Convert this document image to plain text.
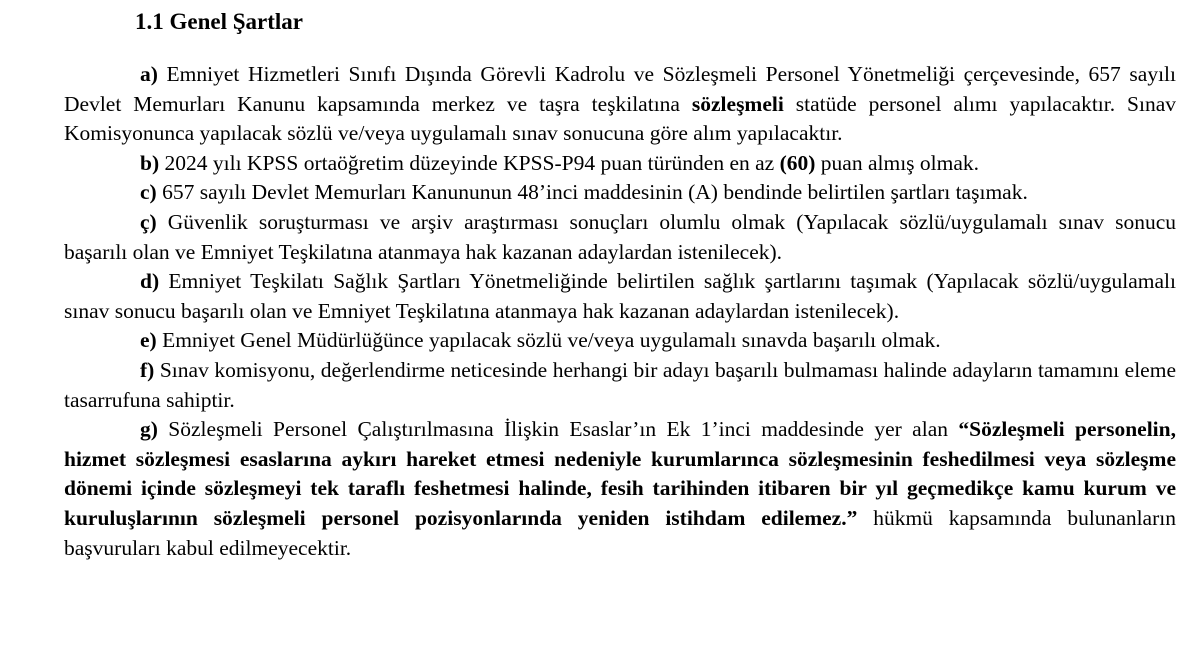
1.1 Genel Şartlar

a) Emniyet Hizmetleri Sınıfı Dışında Görevli Kadrolu ve Sözleşmeli Personel Yönetmeliği çerçevesinde, 657 sayılı Devlet Memurları Kanunu kapsamında merkez ve taşra teşkilatına sözleşmeli statüde personel alımı yapılacaktır. Sınav Komisyonunca yapılacak sözlü ve/veya uygulamalı sınav sonucuna göre alım yapılacaktır.

b) 2024 yılı KPSS ortaöğretim düzeyinde KPSS-P94 puan türünden en az (60) puan almış olmak.

c) 657 sayılı Devlet Memurları Kanununun 48’inci maddesinin (A) bendinde belirtilen şartları taşımak.

ç) Güvenlik soruşturması ve arşiv araştırması sonuçları olumlu olmak (Yapılacak sözlü/uygulamalı sınav sonucu başarılı olan ve Emniyet Teşkilatına atanmaya hak kazanan adaylardan istenilecek).

d) Emniyet Teşkilatı Sağlık Şartları Yönetmeliğinde belirtilen sağlık şartlarını taşımak (Yapılacak sözlü/uygulamalı sınav sonucu başarılı olan ve Emniyet Teşkilatına atanmaya hak kazanan adaylardan istenilecek).

e) Emniyet Genel Müdürlüğünce yapılacak sözlü ve/veya uygulamalı sınavda başarılı olmak.

f) Sınav komisyonu, değerlendirme neticesinde herhangi bir adayı başarılı bulmaması halinde adayların tamamını eleme tasarrufuna sahiptir.

g) Sözleşmeli Personel Çalıştırılmasına İlişkin Esaslar’ın Ek 1’inci maddesinde yer alan “Sözleşmeli personelin, hizmet sözleşmesi esaslarına aykırı hareket etmesi nedeniyle kurumlarınca sözleşmesinin feshedilmesi veya sözleşme dönemi içinde sözleşmeyi tek taraflı feshetmesi halinde, fesih tarihinden itibaren bir yıl geçmedikçe kamu kurum ve kuruluşlarının sözleşmeli personel pozisyonlarında yeniden istihdam edilemez.” hükmü kapsamında bulunanların başvuruları kabul edilmeyecektir.
